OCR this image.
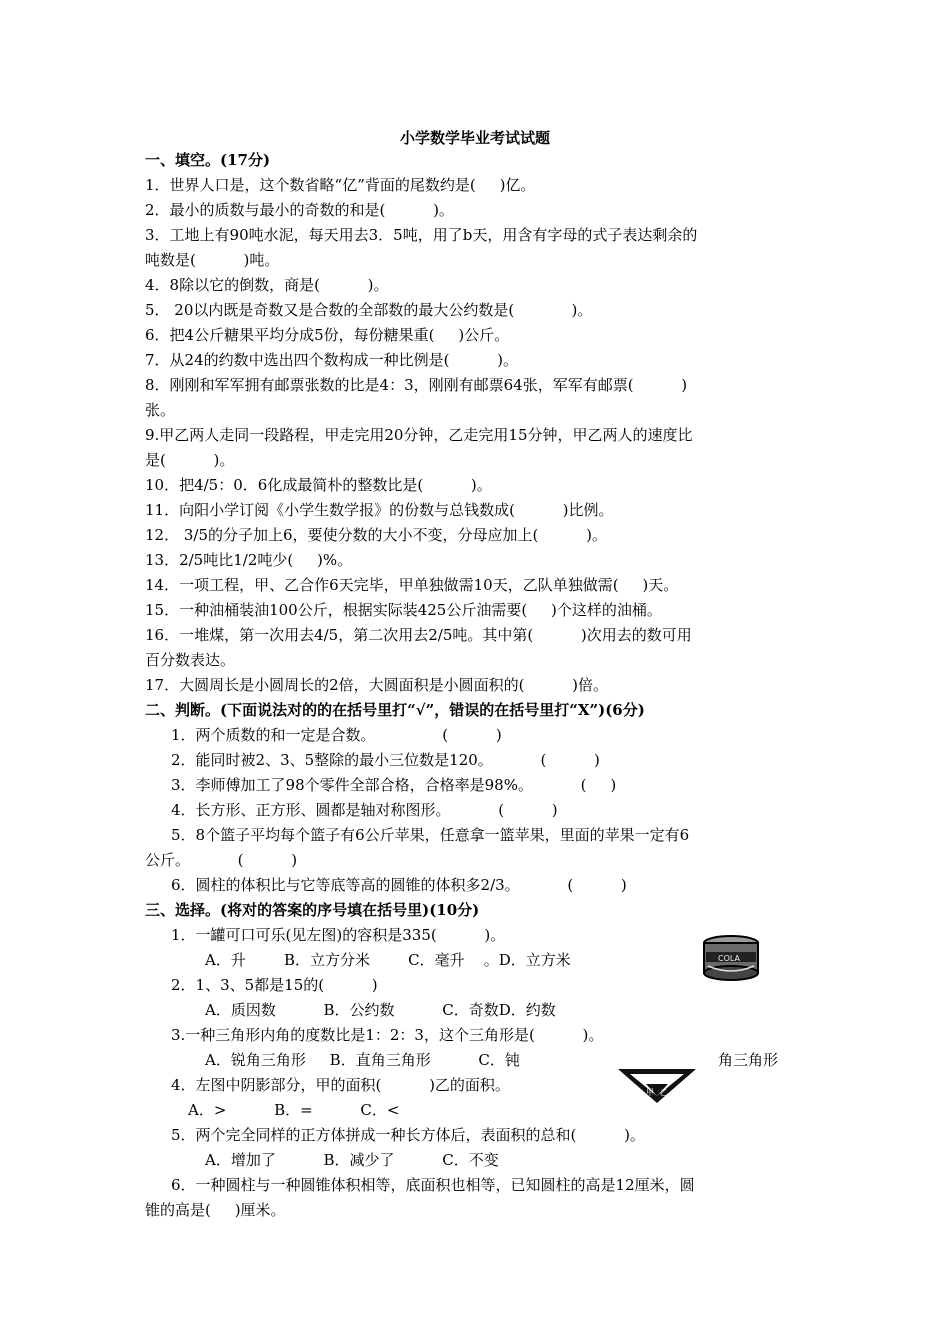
小学数学毕业考试试题
一、填空。(17分)
1．世界人口是，这个数省略“亿”背面的尾数约是(     )亿。
2．最小的质数与最小的奇数的和是(          )。
3．工地上有90吨水泥，每天用去3．5吨，用了b天，用含有字母的式子表达剩余的
吨数是(          )吨。
4．8除以它的倒数，商是(          )。
5． 20以内既是奇数又是合数的全部数的最大公约数是(            )。
6．把4公斤糖果平均分成5份，每份糖果重(     )公斤。
7．从24的约数中选出四个数构成一种比例是(          )。
8．刚刚和军军拥有邮票张数的比是4：3，刚刚有邮票64张，军军有邮票(          )
张。
9.甲乙两人走同一段路程，甲走完用20分钟，乙走完用15分钟，甲乙两人的速度比
是(          )。
10．把4/5：0．6化成最简朴的整数比是(          )。
11．向阳小学订阅《小学生数学报》的份数与总钱数成(          )比例。
12． 3/5的分子加上6，要使分数的大小不变，分母应加上(          )。
13．2/5吨比1/2吨少(     )%。
14．一项工程，甲、乙合作6天完毕，甲单独做需10天，乙队单独做需(     )天。
15．一种油桶装油100公斤，根据实际装425公斤油需要(     )个这样的油桶。
16．一堆煤，第一次用去4/5，第二次用去2/5吨。其中第(          )次用去的数可用
百分数表达。
17．大圆周长是小圆周长的2倍，大圆面积是小圆面积的(          )倍。
二、判断。(下面说法对的的在括号里打“√”，错误的在括号里打“X”)(6分)
1．两个质数的和一定是合数。              (          )
2．能同时被2、3、5整除的最小三位数是120。          (          )
3．李师傅加工了98个零件全部合格，合格率是98%。          (     )
4．长方形、正方形、圆都是轴对称图形。          (          )
5．8个篮子平均每个篮子有6公斤苹果，任意拿一篮苹果，里面的苹果一定有6
公斤。          (          )
6．圆柱的体积比与它等底等高的圆锥的体积多2/3。          (          )
三、选择。(将对的答案的序号填在括号里)(10分)
1．一罐可口可乐(见左图)的容积是335(          )。
A．升        B．立方分米        C．毫升    。D．立方米
2．1、3、5都是15的(          )
A．质因数          B．公约数          C．奇数D．约数
3.一种三角形内角的度数比是1：2：3，这个三角形是(          )。
A．锐角三角形     B．直角三角形          C．钝	角三角形
4．左图中阴影部分，甲的面积(          )乙的面积。
A．>          B．=          C．<
5．两个完全同样的正方体拼成一种长方体后，表面积的总和(          )。
A．增加了          B．减少了          C．不变
6．一种圆柱与一种圆锥体积相等，底面积也相等，已知圆柱的高是12厘米，圆
锥的高是(     )厘米。
COLA
甲 乙
